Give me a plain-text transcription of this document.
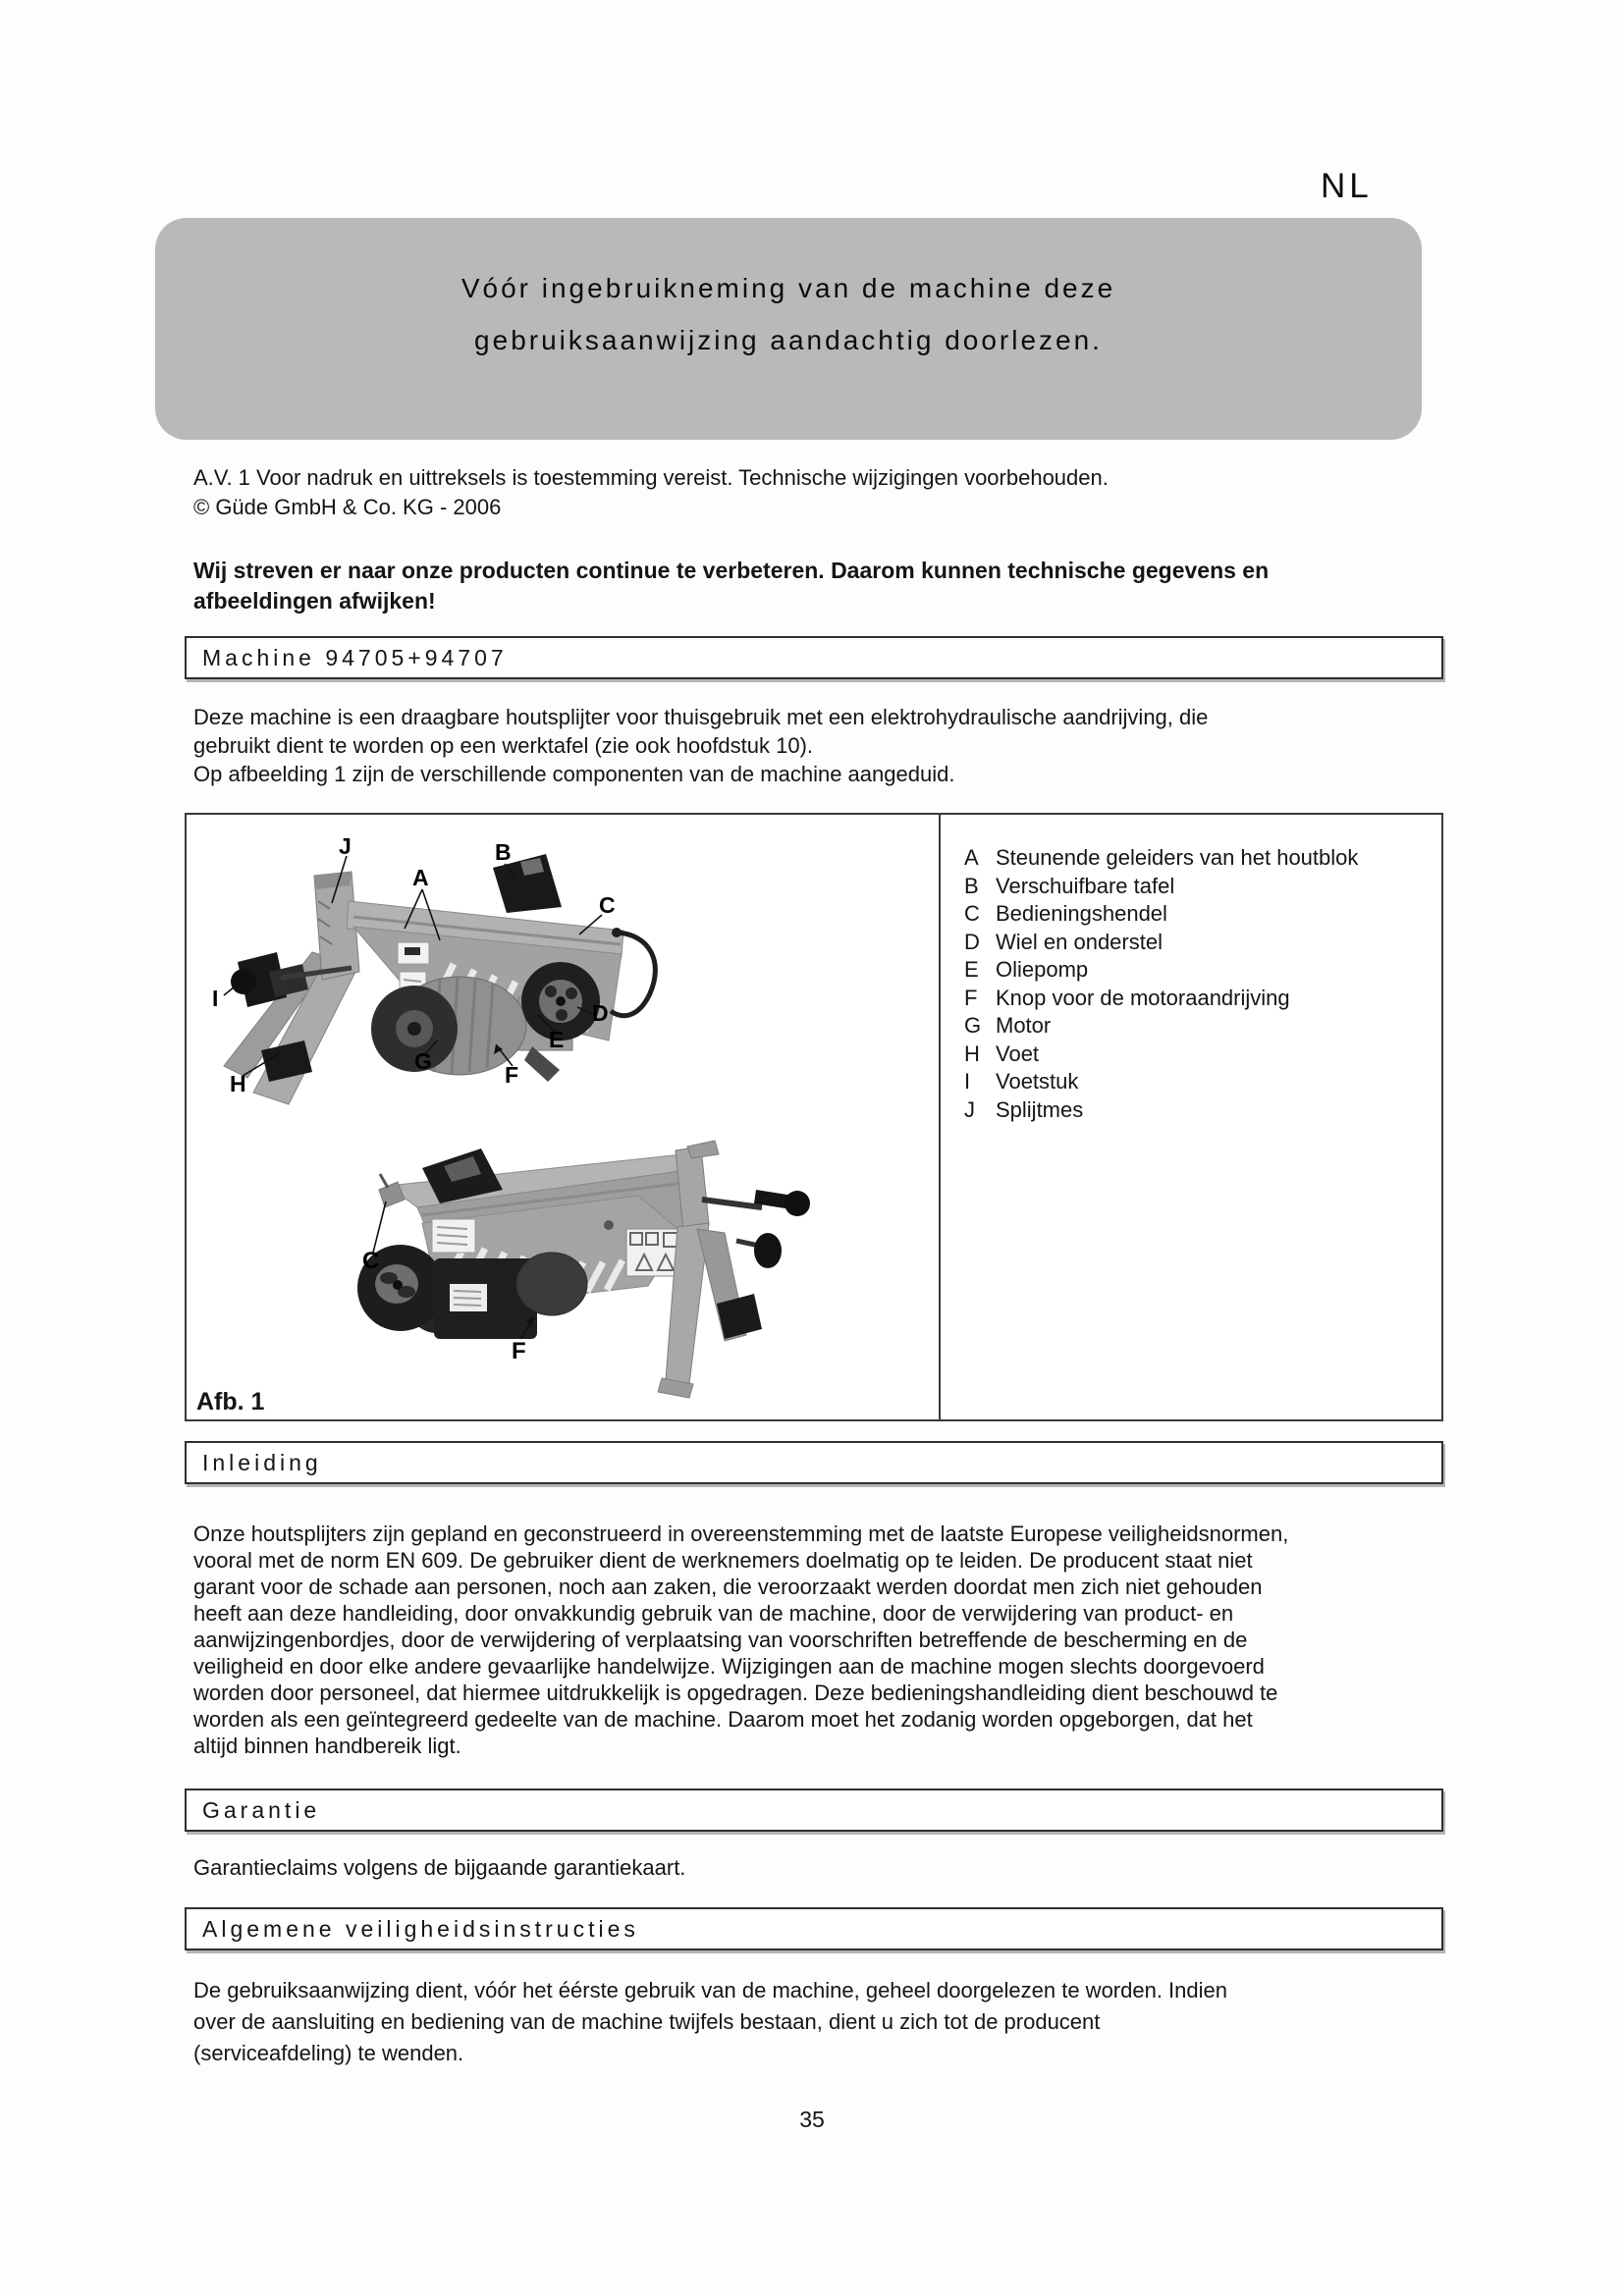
NL
Vóór ingebruikneming van de machine deze
gebruiksaanwijzing aandachtig doorlezen.
A.V. 1 Voor nadruk en uittreksels is toestemming vereist. Technische wijzigingen voorbehouden.
© Güde GmbH & Co. KG - 2006
Wij streven er naar onze producten continue te verbeteren. Daarom kunnen technische gegevens en
afbeeldingen afwijken!
Machine 94705+94707
Deze machine is een draagbare houtsplijter voor thuisgebruik met een elektrohydraulische aandrijving, die
gebruikt dient te worden op een werktafel (zie ook hoofdstuk 10).
Op afbeelding 1 zijn de verschillende componenten van de machine aangeduid.
J
A
B
C
I
D
E
G
F
H
C
F
Afb. 1
A Steunende geleiders van het houtblok
B Verschuifbare tafel
C Bedieningshendel
D Wiel en onderstel
E Oliepomp
F Knop voor de motoraandrijving
G Motor
H Voet
I	Voetstuk
J Splijtmes
Inleiding
Onze houtsplijters zijn gepland en geconstrueerd in overeenstemming met de laatste Europese veiligheidsnormen,
vooral met de norm EN 609. De gebruiker dient de werknemers doelmatig op te leiden. De producent staat niet
garant voor de schade aan personen, noch aan zaken, die veroorzaakt werden doordat men zich niet gehouden
heeft aan deze handleiding, door onvakkundig gebruik van de machine, door de verwijdering van product- en
aanwijzingenbordjes, door de verwijdering of verplaatsing van voorschriften betreffende de bescherming en de
veiligheid en door elke andere gevaarlijke handelwijze. Wijzigingen aan de machine mogen slechts doorgevoerd
worden door personeel, dat hiermee uitdrukkelijk is opgedragen. Deze bedieningshandleiding dient beschouwd te
worden als een geïntegreerd gedeelte van de machine. Daarom moet het zodanig worden opgeborgen, dat het
altijd binnen handbereik ligt.
Garantie
Garantieclaims volgens de bijgaande garantiekaart.
Algemene veiligheidsinstructies
De gebruiksaanwijzing dient, vóór het éérste gebruik van de machine, geheel doorgelezen te worden. Indien
over de aansluiting en bediening van de machine twijfels bestaan, dient u zich tot de producent
(serviceafdeling) te wenden.
35
